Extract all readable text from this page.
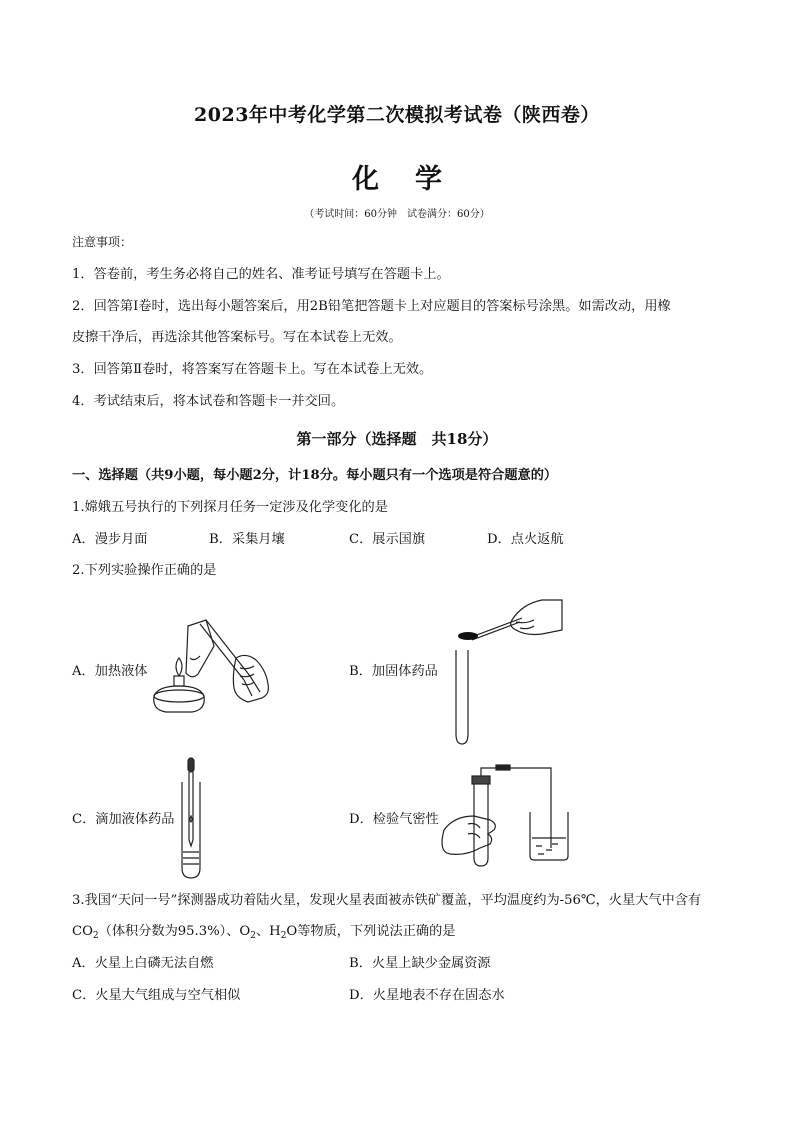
2023年中考化学第二次模拟考试卷（陕西卷）
化学
（考试时间：60分钟　试卷满分：60分）
注意事项：
1．答卷前，考生务必将自己的姓名、准考证号填写在答题卡上。
2．回答第Ⅰ卷时，选出每小题答案后，用2B铅笔把答题卡上对应题目的答案标号涂黑。如需改动，用橡
皮擦干净后，再选涂其他答案标号。写在本试卷上无效。
3．回答第Ⅱ卷时，将答案写在答题卡上。写在本试卷上无效。
4．考试结束后，将本试卷和答题卡一并交回。
第一部分（选择题　共18分）
一、选择题（共9小题，每小题2分，计18分。每小题只有一个选项是符合题意的）
1.嫦娥五号执行的下列探月任务一定涉及化学变化的是
A．漫步月面	B．采集月壤	C．展示国旗	D．点火返航
2.下列实验操作正确的是
A．加热液体	B．加固体药品
C．滴加液体药品	D．检验气密性
3.我国“天问一号”探测器成功着陆火星，发现火星表面被赤铁矿覆盖，平均温度约为-56℃，火星大气中含有
$CO_2$（体积分数为95.3%）、$O_2$、$H_2O$等物质，下列说法正确的是
A．火星上白磷无法自燃	B．火星上缺少金属资源
C．火星大气组成与空气相似	D．火星地表不存在固态水
